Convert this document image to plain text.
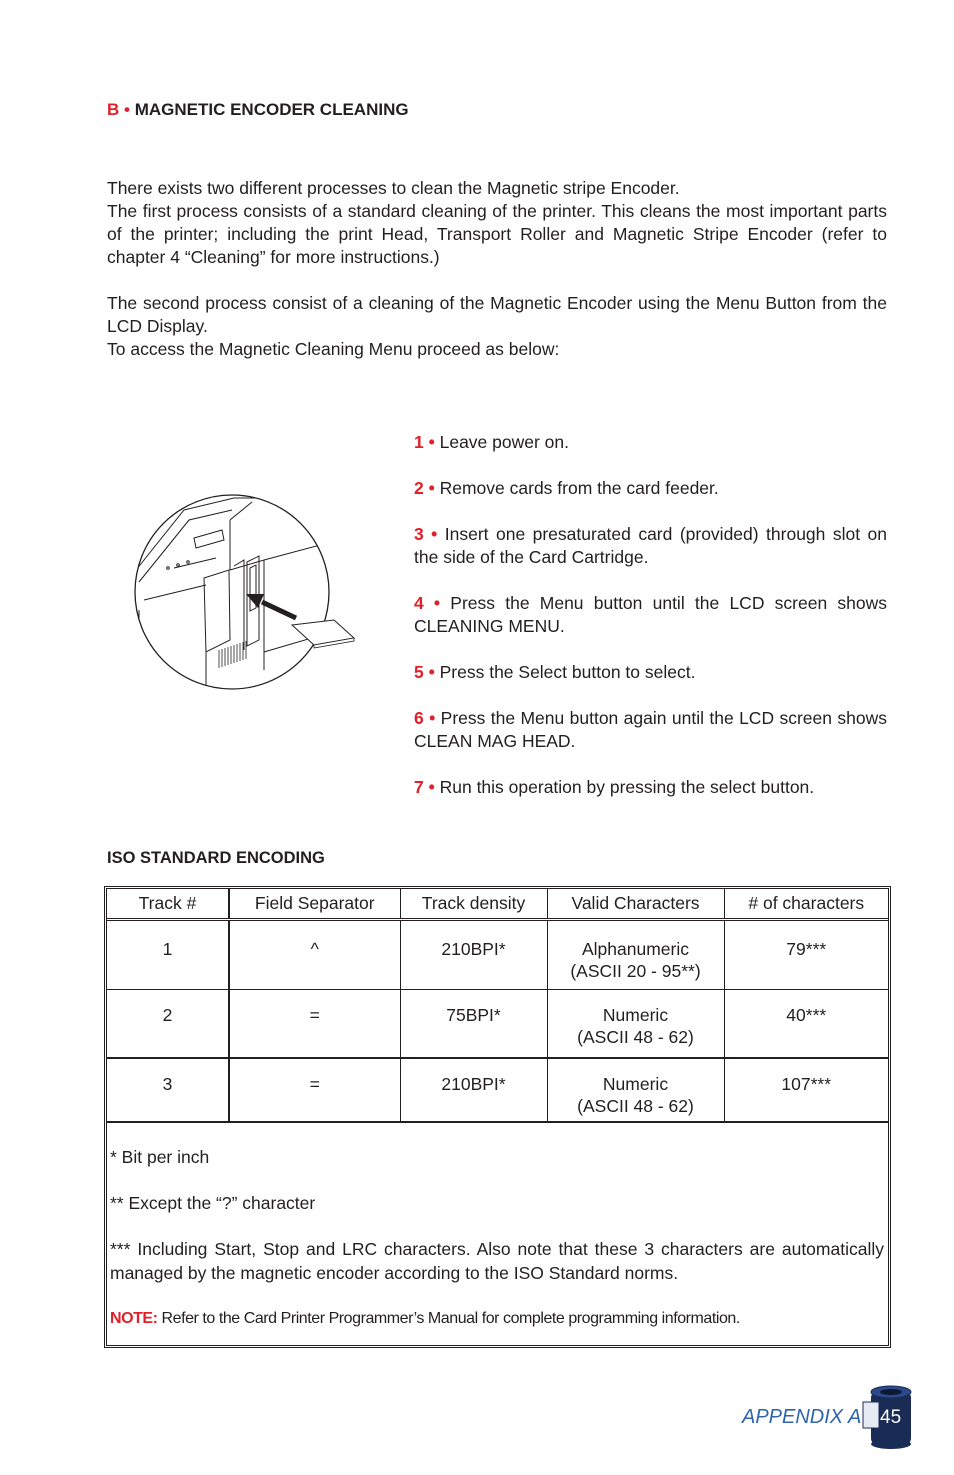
B • MAGNETIC ENCODER CLEANING

There exists two different processes to clean the Magnetic stripe Encoder.

The first process consists of a standard cleaning of the printer. This cleans the most important parts of the printer; including the print Head, Transport Roller and Magnetic Stripe Encoder (refer to chapter 4 “Cleaning” for more instructions.)

The second process consist of a cleaning of the Magnetic Encoder using the Menu Button from the LCD Display.

To access the Magnetic Cleaning Menu proceed as below:

1 • Leave power on.

2 • Remove cards from the card feeder.

3 • Insert one presaturated card (provided) through slot on the side of the Card Cartridge.

4 • Press the Menu button until the LCD screen shows CLEANING MENU.

5 • Press the Select button to select.

6 • Press the Menu button again until the LCD screen shows CLEAN MAG HEAD.

7 • Run this operation by pressing the select button.

ISO STANDARD ENCODING
Track #	Field Separator	Track density	Valid Characters	# of characters
1	^	210BPI*	Alphanumeric
(ASCII 20 - 95**)	79***
2	=	75BPI*	Numeric
(ASCII 48 - 62)	40***
3	=	210BPI*	Numeric
(ASCII 48 - 62)	107***

* Bit per inch

** Except the “?” character

*** Including Start, Stop and LRC characters. Also note that these 3 characters are automatically managed by the magnetic encoder according to the ISO Standard norms.

NOTE: Refer to the Card Printer Programmer’s Manual for complete programming information.

APPENDIX A 45
